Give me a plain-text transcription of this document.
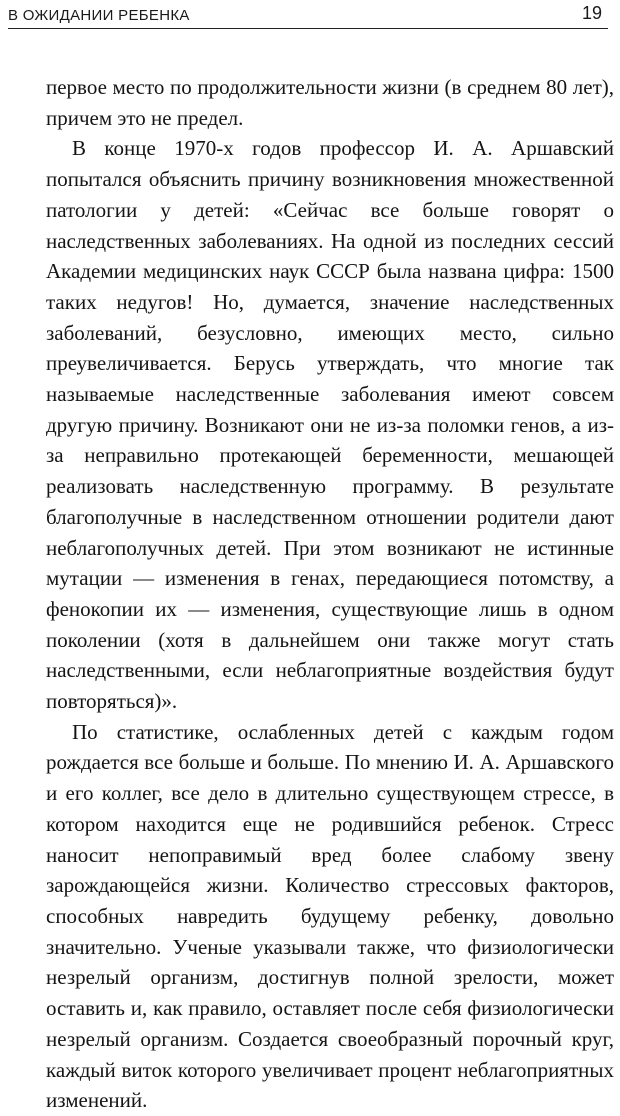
В ОЖИДАНИИ РЕБЕНКА	19

первое место по продолжительности жизни (в среднем 80 лет), причем это не предел.

В конце 1970-х годов профессор И. А. Аршавский попытался объяснить причину возникновения множественной патологии у детей: «Сейчас все больше говорят о наследственных заболеваниях. На одной из последних сессий Академии медицинских наук СССР была названа цифра: 1500 таких недугов! Но, думается, значение наследственных заболеваний, безусловно, имеющих место, сильно преувеличивается. Берусь утверждать, что многие так называемые наследственные заболевания имеют совсем другую причину. Возникают они не из-за поломки генов, а из-за неправильно протекающей беременности, мешающей реализовать наследственную программу. В результате благополучные в наследственном отношении родители дают неблагополучных детей. При этом возникают не истинные мутации — изменения в генах, передающиеся потомству, а фенокопии их — изменения, существующие лишь в одном поколении (хотя в дальнейшем они также могут стать наследственными, если неблагоприятные воздействия будут повторяться)».

По статистике, ослабленных детей с каждым годом рождается все больше и больше. По мнению И. А. Аршавского и его коллег, все дело в длительно существующем стрессе, в котором находится еще не родившийся ребенок. Стресс наносит непоправимый вред более слабому звену зарождающейся жизни. Количество стрессовых факторов, способных навредить будущему ребенку, довольно значительно. Ученые указывали также, что физиологически незрелый организм, достигнув полной зрелости, может оставить и, как правило, оставляет после себя физиологически незрелый организм. Создается своеобразный порочный круг, каждый виток которого увеличивает процент неблагоприятных изменений.
